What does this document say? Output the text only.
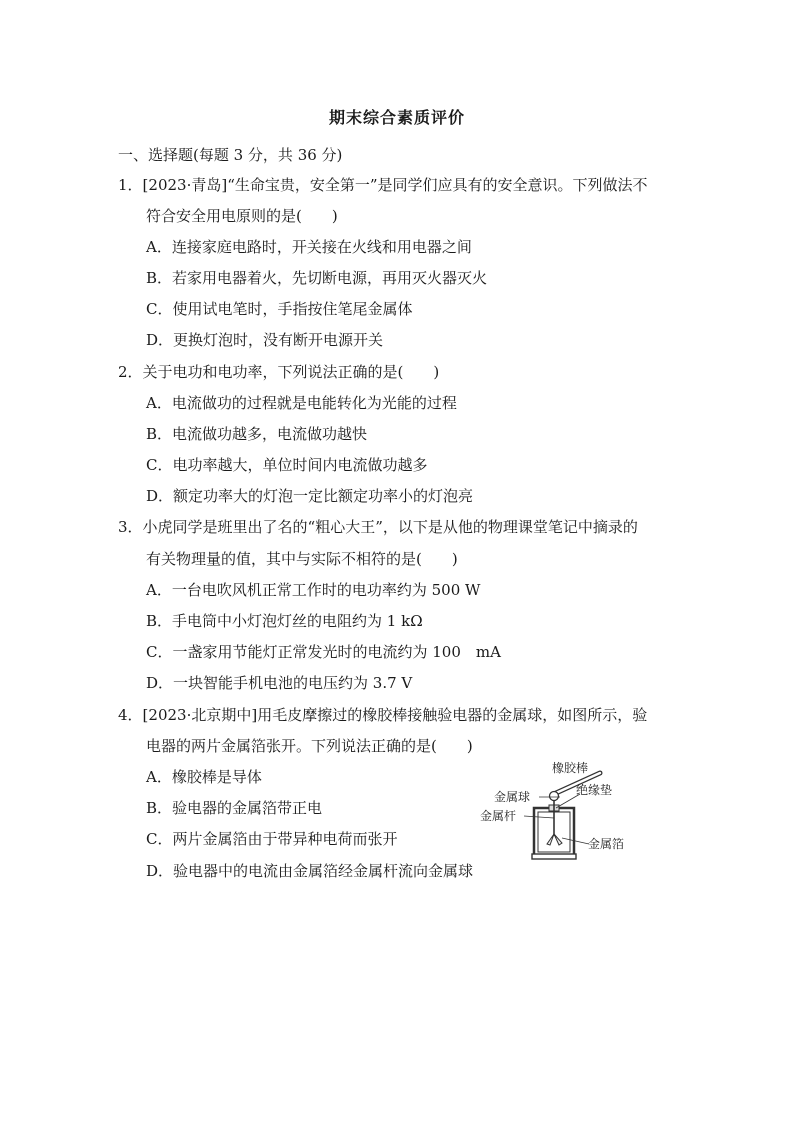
期末综合素质评价
一、选择题(每题 3 分，共 36 分)
1．[2023·青岛]“生命宝贵，安全第一”是同学们应具有的安全意识。下列做法不
符合安全用电原则的是(　　)
A．连接家庭电路时，开关接在火线和用电器之间
B．若家用电器着火，先切断电源，再用灭火器灭火
C．使用试电笔时，手指按住笔尾金属体
D．更换灯泡时，没有断开电源开关
2．关于电功和电功率，下列说法正确的是(　　)
A．电流做功的过程就是电能转化为光能的过程
B．电流做功越多，电流做功越快
C．电功率越大，单位时间内电流做功越多
D．额定功率大的灯泡一定比额定功率小的灯泡亮
3．小虎同学是班里出了名的“粗心大王”，以下是从他的物理课堂笔记中摘录的
有关物理量的值，其中与实际不相符的是(　　)
A．一台电吹风机正常工作时的电功率约为 500 W
B．手电筒中小灯泡灯丝的电阻约为 1 kΩ
C．一盏家用节能灯正常发光时的电流约为 100　mA
D．一块智能手机电池的电压约为 3.7 V
4．[2023·北京期中]用毛皮摩擦过的橡胶棒接触验电器的金属球，如图所示，验
电器的两片金属箔张开。下列说法正确的是(　　)
A．橡胶棒是导体
B．验电器的金属箔带正电
C．两片金属箔由于带异种电荷而张开
D．验电器中的电流由金属箔经金属杆流向金属球
橡胶棒
金属球	绝缘垫
金属杆
金属箔
